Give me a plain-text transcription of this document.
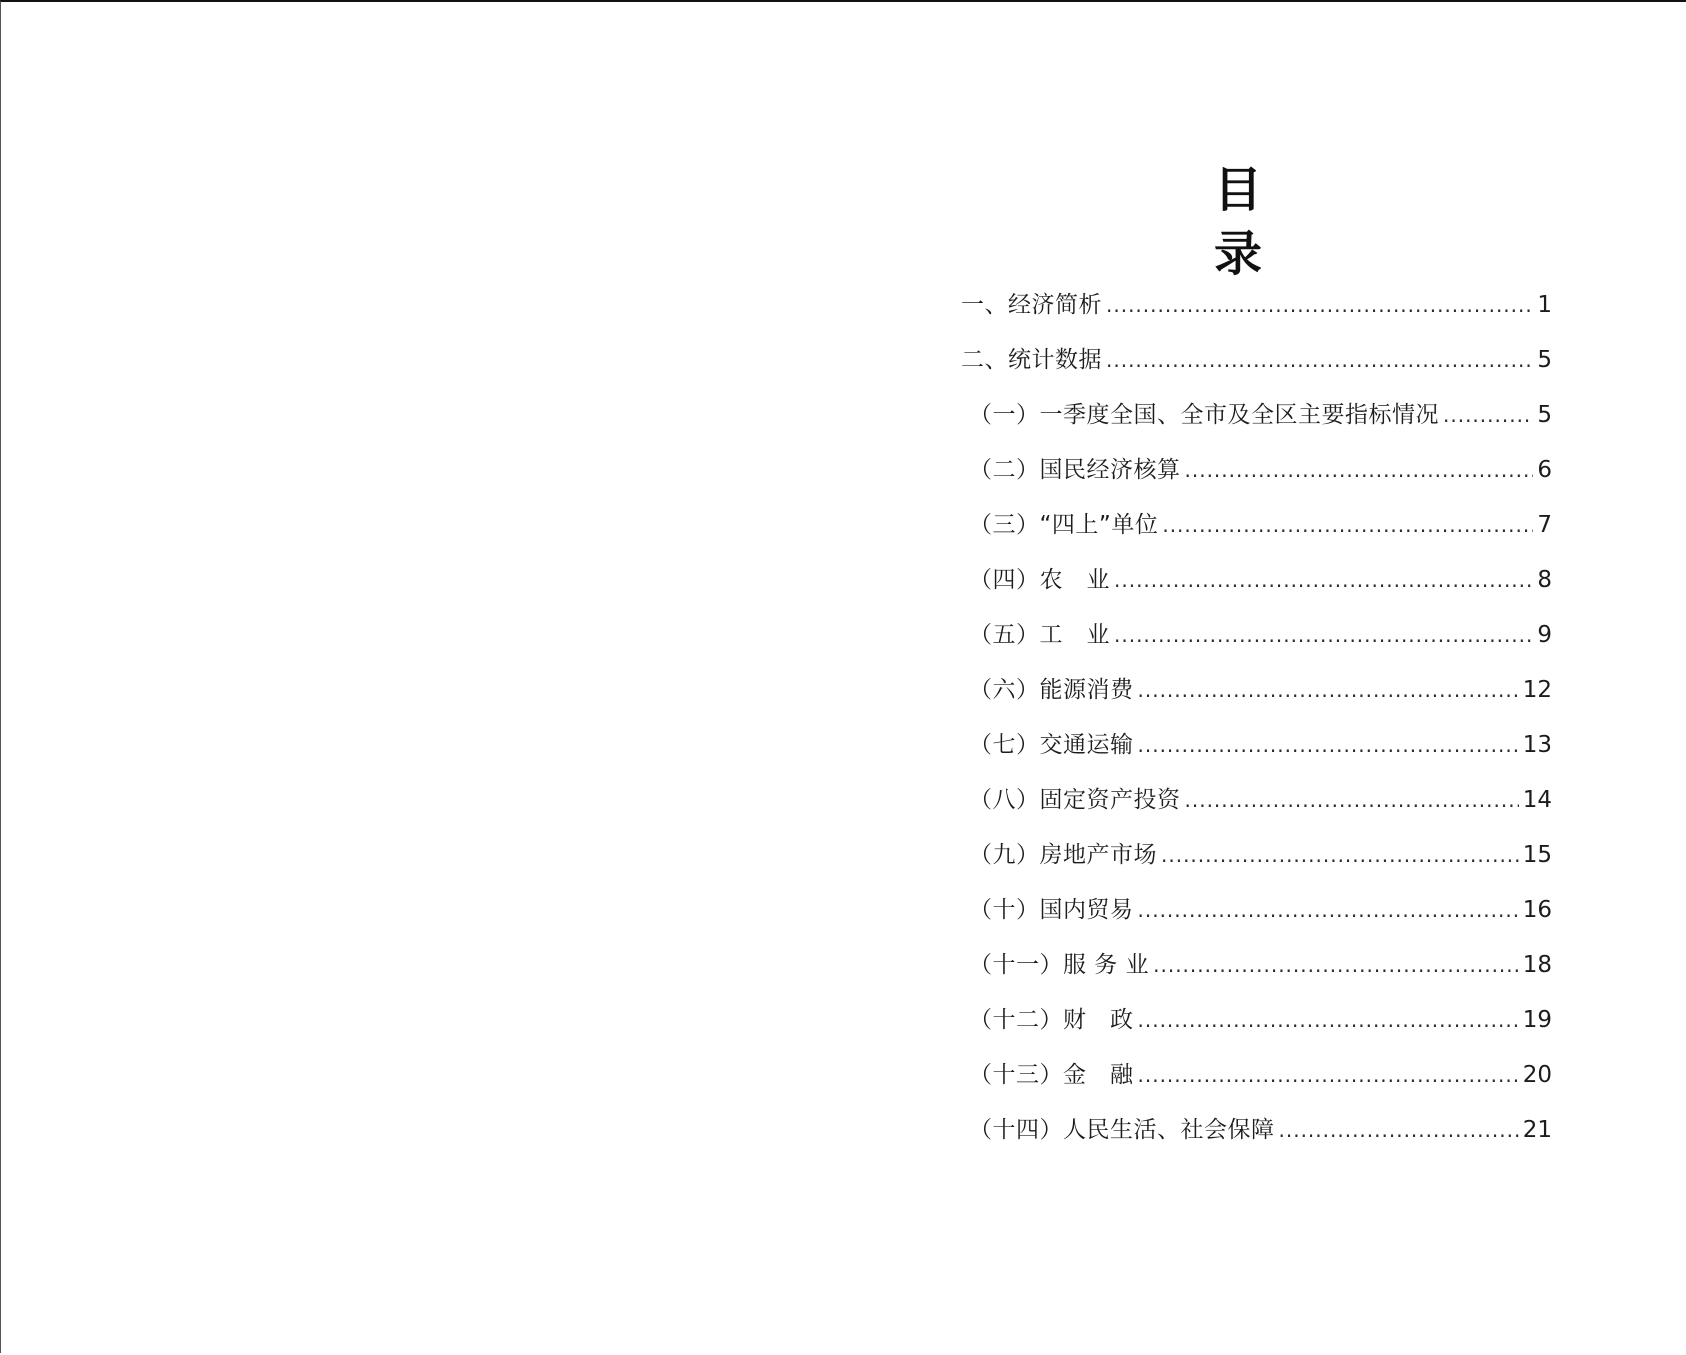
目　录
一、经济简析 .....	1
二、统计数据 .....	5
（一）一季度全国、全市及全区主要指标情况 .....	5
（二）国民经济核算 .....	6
（三）“四上”单位 .....	7
（四）农　业 .....	8
（五）工　业 .....	9
（六）能源消费 .....	12
（七）交通运输 .....	13
（八）固定资产投资 .....	14
（九）房地产市场 .....	15
（十）国内贸易 .....	16
（十一）服 务 业 .....	18
（十二）财　政 .....	19
（十三）金　融 .....	20
（十四）人民生活、社会保障 .....	21
